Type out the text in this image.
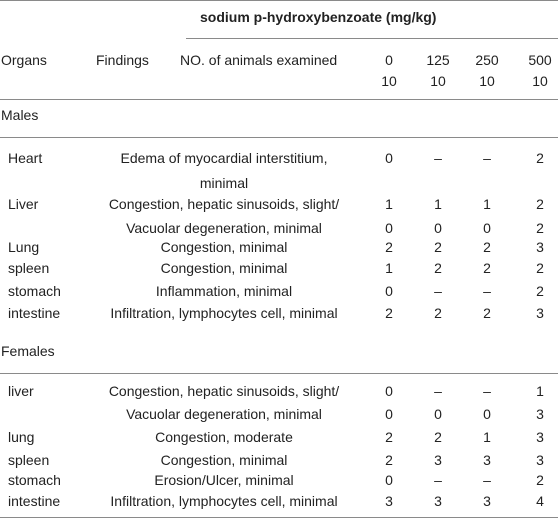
sodium p-hydroxybenzoate (mg/kg)
Organs	Findings NO. of animals examined	0	125	250	500
10	10	10	10
Males
Heart	Edema of myocardial interstitium,	0	–	–	2
minimal
Liver	Congestion, hepatic sinusoids, slight/	1	1	1	2
Vacuolar degeneration, minimal	0	0	0	2
Lung	Congestion, minimal	2	2	2	3
spleen	Congestion, minimal	1	2	2	2
stomach	Inflammation, minimal	0	–	–	2
intestine	Infiltration, lymphocytes cell, minimal	2	2	2	3
Females
liver	Congestion, hepatic sinusoids, slight/	0	–	–	1
Vacuolar degeneration, minimal	0	0	0	3
lung	Congestion, moderate	2	2	1	3
spleen	Congestion, minimal	2	3	3	3
stomach	Erosion/Ulcer, minimal	0	–	–	2
intestine	Infiltration, lymphocytes cell, minimal	3	3	3	4
